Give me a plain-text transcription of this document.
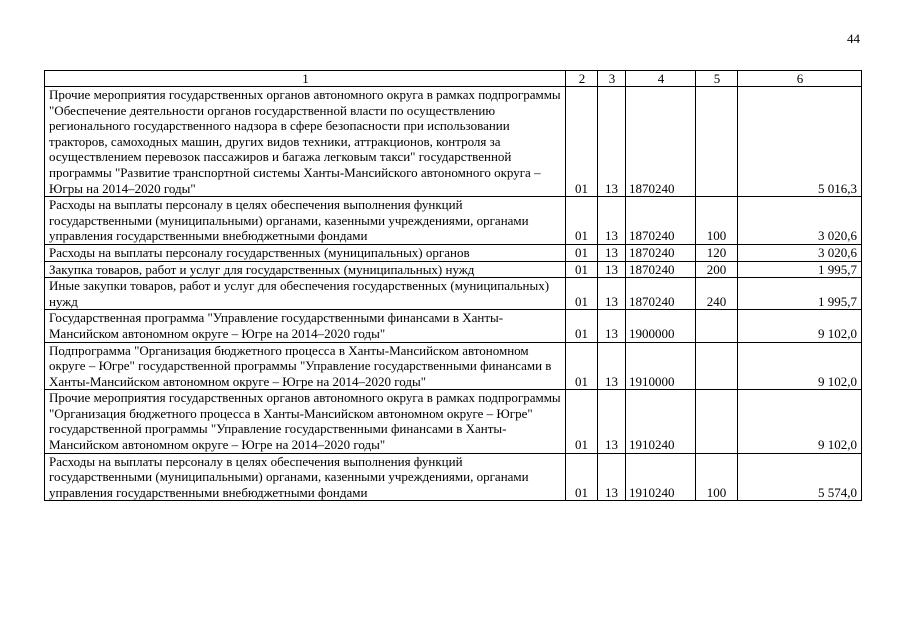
44
1	2	3	4	5	6
Прочие мероприятия государственных органов автономного округа в рамках подпрограммы "Обеспечение деятельности органов государственной власти по осуществлению регионального государственного надзора в сфере безопасности при использовании тракторов, самоходных машин, других видов техники, аттракционов, контроля за осуществлением перевозок пассажиров и багажа легковым такси" государственной программы "Развитие транспортной системы Ханты-Мансийского автономного округа – Югры на 2014–2020 годы"	01	13	1870240		5 016,3
Расходы на выплаты персоналу в целях обеспечения выполнения функций государственными (муниципальными) органами, казенными учреждениями, органами управления государственными внебюджетными фондами	01	13	1870240	100	3 020,6
Расходы на выплаты персоналу государственных (муниципальных) органов	01	13	1870240	120	3 020,6
Закупка товаров, работ и услуг для государственных (муниципальных) нужд	01	13	1870240	200	1 995,7
Иные закупки товаров, работ и услуг для обеспечения государственных (муниципальных) нужд	01	13	1870240	240	1 995,7
Государственная программа "Управление государственными финансами в Ханты-Мансийском автономном округе – Югре на 2014–2020 годы"	01	13	1900000		9 102,0
Подпрограмма "Организация бюджетного процесса в Ханты-Мансийском автономном округе – Югре" государственной программы "Управление государственными финансами в Ханты-Мансийском автономном округе – Югре на 2014–2020 годы"	01	13	1910000		9 102,0
Прочие мероприятия государственных органов автономного округа в рамках подпрограммы "Организация бюджетного процесса в Ханты-Мансийском автономном округе – Югре" государственной программы "Управление государственными финансами в Ханты-Мансийском автономном округе – Югре на 2014–2020 годы"	01	13	1910240		9 102,0
Расходы на выплаты персоналу в целях обеспечения выполнения функций государственными (муниципальными) органами, казенными учреждениями, органами управления государственными внебюджетными фондами	01	13	1910240	100	5 574,0
